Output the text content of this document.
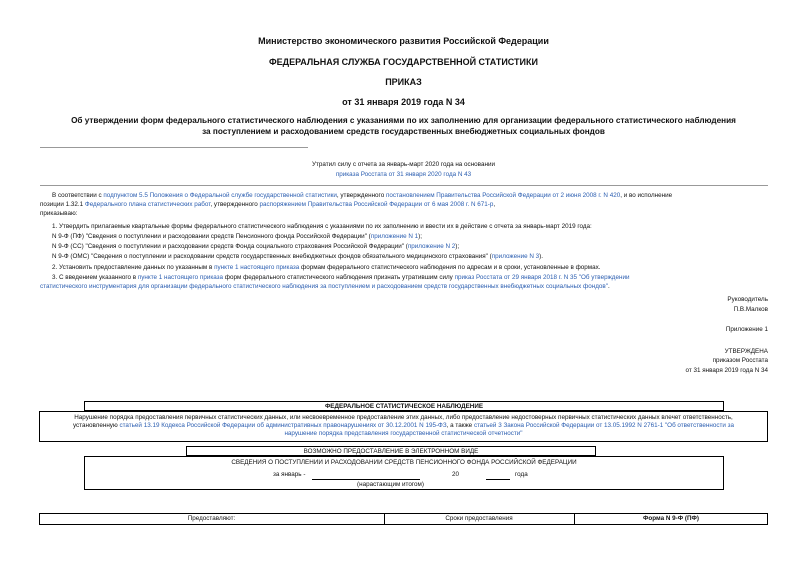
Министерство экономического развития Российской Федерации
ФЕДЕРАЛЬНАЯ СЛУЖБА ГОСУДАРСТВЕННОЙ СТАТИСТИКИ
ПРИКАЗ
от 31 января 2019 года N 34
Об утверждении форм федерального статистического наблюдения с указаниями по их заполнению для организации федерального статистического наблюдения
за поступлением и расходованием средств государственных внебюджетных социальных фондов
Утратил силу с отчета за январь-март 2020 года на основании
приказа Росстата от 31 января 2020 года N 43
В соответствии с подпунктом 5.5 Положения о Федеральной службе государственной статистики, утвержденного постановлением Правительства Российской Федерации от 2 июня 2008 г. N 420, и во исполнение
позиции 1.32.1 Федерального плана статистических работ, утвержденного распоряжением Правительства Российской Федерации от 6 мая 2008 г. N 671-р,
приказываю:
1. Утвердить прилагаемые квартальные формы федерального статистического наблюдения с указаниями по их заполнению и ввести их в действие с отчета за январь-март 2019 года:
N 9-Ф (ПФ) "Сведения о поступлении и расходовании средств Пенсионного фонда Российской Федерации" (приложение N 1);
N 9-Ф (СС) "Сведения о поступлении и расходовании средств Фонда социального страхования Российской Федерации" (приложение N 2);
N 9-Ф (ОМС) "Сведения о поступлении и расходовании средств государственных внебюджетных фондов обязательного медицинского страхования" (приложение N 3).
2. Установить предоставление данных по указанным в пункте 1 настоящего приказа формам федерального статистического наблюдения по адресам и в сроки, установленные в формах.
3. С введением указанного в пункте 1 настоящего приказа форм федерального статистического наблюдения признать утратившим силу приказ Росстата от 29 января 2018 г. N 35 "Об утверждении
статистического инструментария для организации федерального статистического наблюдения за поступлением и расходованием средств государственных внебюджетных социальных фондов".
Руководитель
П.В.Малков
Приложение 1
УТВЕРЖДЕНА
приказом Росстата
от 31 января 2019 года N 34
ФЕДЕРАЛЬНОЕ СТАТИСТИЧЕСКОЕ НАБЛЮДЕНИЕ
Нарушение порядка предоставления первичных статистических данных, или несвоевременное предоставление этих данных, либо предоставление недостоверных первичных статистических данных влечет ответственность,
установленную статьей 13.19 Кодекса Российской Федерации об административных правонарушениях от 30.12.2001 N 195-ФЗ, а также статьей 3 Закона Российской Федерации от 13.05.1992 N 2761-1 "Об ответственности за
нарушение порядка представления государственной статистической отчетности"
ВОЗМОЖНО ПРЕДОСТАВЛЕНИЕ В ЭЛЕКТРОННОМ ВИДЕ
СВЕДЕНИЯ О ПОСТУПЛЕНИИ И РАСХОДОВАНИИ СРЕДСТВ ПЕНСИОННОГО ФОНДА РОССИЙСКОЙ ФЕДЕРАЦИИ
за январь -	20	года
(нарастающим итогом)
Предоставляют:	Сроки предоставления	Форма N 9-Ф (ПФ)
